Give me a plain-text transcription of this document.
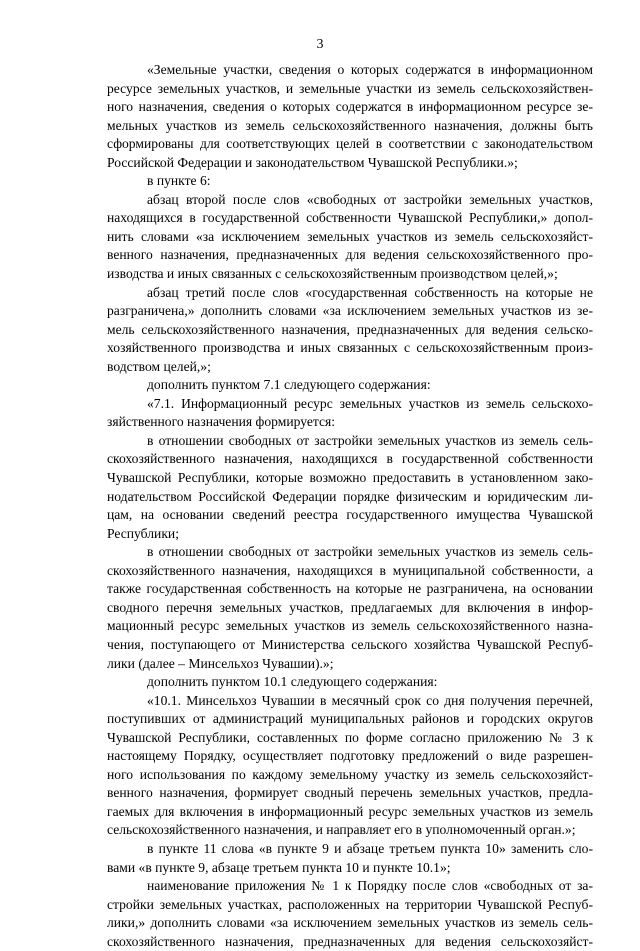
3
«Земельные участки, сведения о которых содержатся в информационном
ресурсе земельных участков, и земельные участки из земель сельскохозяйствен-
ного назначения, сведения о которых содержатся в информационном ресурсе зе-
мельных участков из земель сельскохозяйственного назначения, должны быть
сформированы для соответствующих целей в соответствии с законодательством
Российской Федерации и законодательством Чувашской Республики.»;
в пункте 6:
абзац второй после слов «свободных от застройки земельных участков,
находящихся в государственной собственности Чувашской Республики,» допол-
нить словами «за исключением земельных участков из земель сельскохозяйст-
венного назначения, предназначенных для ведения сельскохозяйственного про-
изводства и иных связанных с сельскохозяйственным производством целей,»;
абзац третий после слов «государственная собственность на которые не
разграничена,» дополнить словами «за исключением земельных участков из зе-
мель сельскохозяйственного назначения, предназначенных для ведения сельско-
хозяйственного производства и иных связанных с сельскохозяйственным произ-
водством целей,»;
дополнить пунктом 7.1 следующего содержания:
«7.1. Информационный ресурс земельных участков из земель сельскохо-
зяйственного назначения формируется:
в отношении свободных от застройки земельных участков из земель сель-
скохозяйственного назначения, находящихся в государственной собственности
Чувашской Республики, которые возможно предоставить в установленном зако-
нодательством Российской Федерации порядке физическим и юридическим ли-
цам, на основании сведений реестра государственного имущества Чувашской
Республики;
в отношении свободных от застройки земельных участков из земель сель-
скохозяйственного назначения, находящихся в муниципальной собственности, а
также государственная собственность на которые не разграничена, на основании
сводного перечня земельных участков, предлагаемых для включения в инфор-
мационный ресурс земельных участков из земель сельскохозяйственного назна-
чения, поступающего от Министерства сельского хозяйства Чувашской Респуб-
лики (далее – Минсельхоз Чувашии).»;
дополнить пунктом 10.1 следующего содержания:
«10.1. Минсельхоз Чувашии в месячный срок со дня получения перечней,
поступивших от администраций муниципальных районов и городских округов
Чувашской Республики, составленных по форме согласно приложению № 3 к
настоящему Порядку, осуществляет подготовку предложений о виде разрешен-
ного использования по каждому земельному участку из земель сельскохозяйст-
венного назначения, формирует сводный перечень земельных участков, предла-
гаемых для включения в информационный ресурс земельных участков из земель
сельскохозяйственного назначения, и направляет его в уполномоченный орган.»;
в пункте 11 слова «в пункте 9 и абзаце третьем пункта 10» заменить сло-
вами «в пункте 9, абзаце третьем пункта 10 и пункте 10.1»;
наименование приложения № 1 к Порядку после слов «свободных от за-
стройки земельных участках, расположенных на территории Чувашской Респуб-
лики,» дополнить словами «за исключением земельных участков из земель сель-
скохозяйственного назначения, предназначенных для ведения сельскохозяйст-
